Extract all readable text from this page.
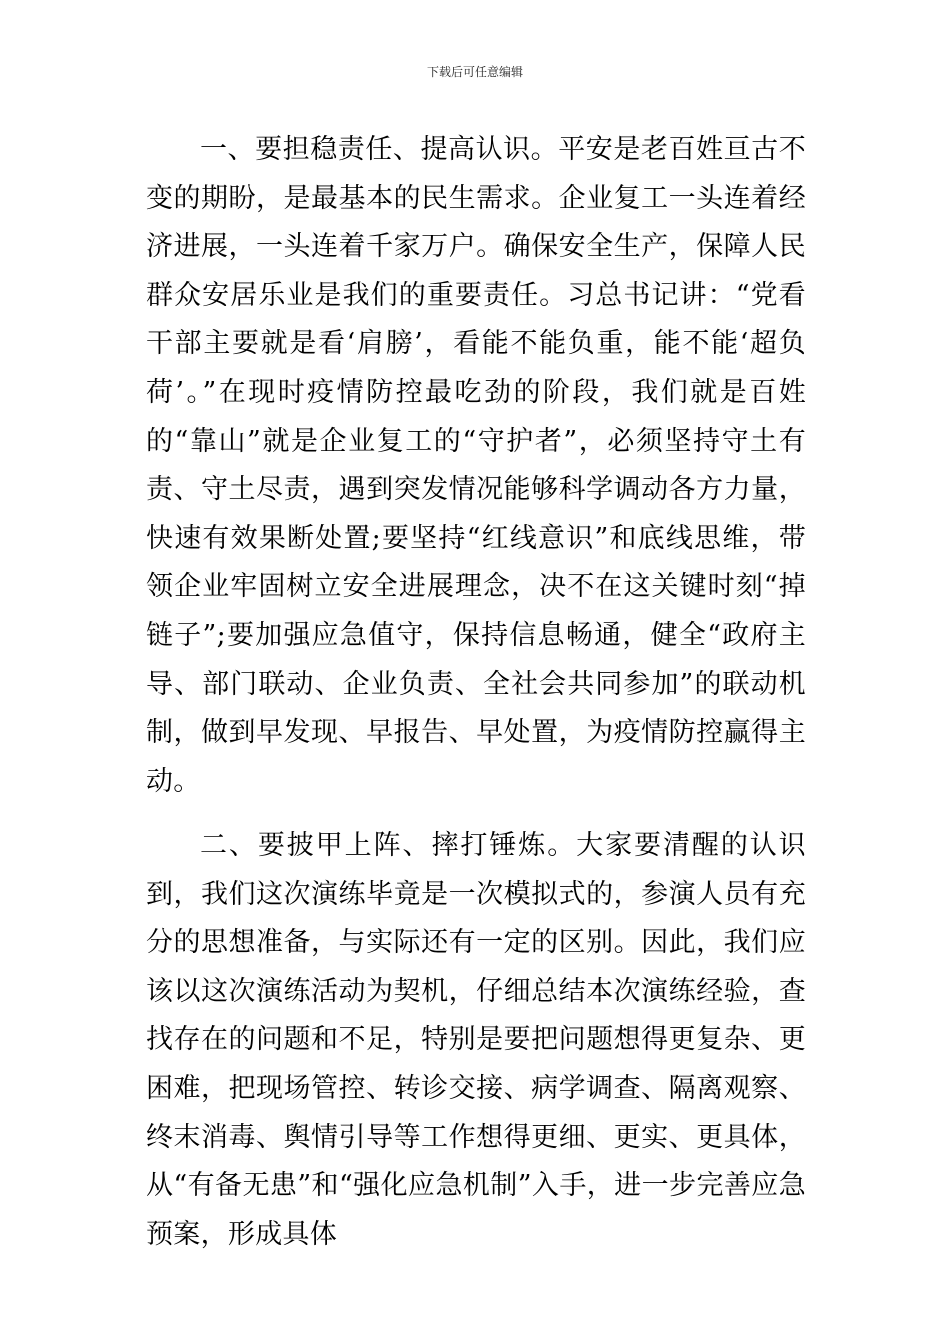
下载后可任意编辑

一、要担稳责任、提高认识。平安是老百姓亘古不变的期盼，是最基本的民生需求。企业复工一头连着经济进展，一头连着千家万户。确保安全生产，保障人民群众安居乐业是我们的重要责任。习总书记讲：“党看干部主要就是看‘肩膀’，看能不能负重，能不能‘超负荷’。”在现时疫情防控最吃劲的阶段，我们就是百姓的“靠山”就是企业复工的“守护者”，必须坚持守土有责、守土尽责，遇到突发情况能够科学调动各方力量，快速有效果断处置;要坚持“红线意识”和底线思维，带领企业牢固树立安全进展理念，决不在这关键时刻“掉链子”;要加强应急值守，保持信息畅通，健全“政府主导、部门联动、企业负责、全社会共同参加”的联动机制，做到早发现、早报告、早处置，为疫情防控赢得主动。

二、要披甲上阵、摔打锤炼。大家要清醒的认识到，我们这次演练毕竟是一次模拟式的，参演人员有充分的思想准备，与实际还有一定的区别。因此，我们应该以这次演练活动为契机，仔细总结本次演练经验，查找存在的问题和不足，特别是要把问题想得更复杂、更困难，把现场管控、转诊交接、病学调查、隔离观察、终末消毒、舆情引导等工作想得更细、更实、更具体，从“有备无患”和“强化应急机制”入手，进一步完善应急预案，形成具体
